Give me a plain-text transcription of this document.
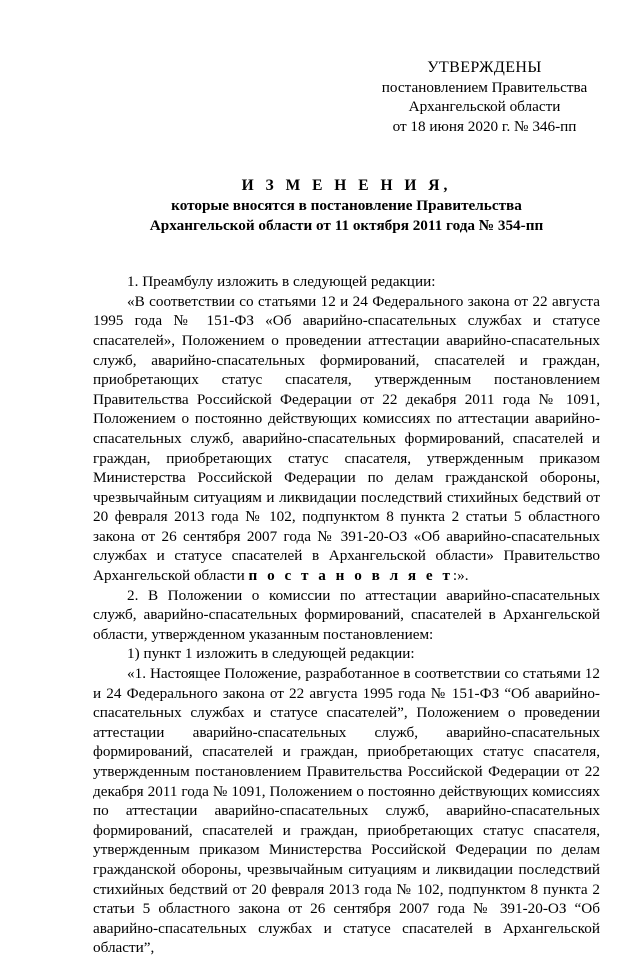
УТВЕРЖДЕНЫ
постановлением Правительства
Архангельской области
от 18 июня 2020 г. № 346-пп
И З М Е Н Е Н И Я,
которые вносятся в постановление Правительства
Архангельской области от 11 октября 2011 года № 354-пп
1. Преамбулу изложить в следующей редакции:
«В соответствии со статьями 12 и 24 Федерального закона от 22 августа 1995 года № 151-ФЗ «Об аварийно-спасательных службах и статусе спасателей», Положением о проведении аттестации аварийно-спасательных служб, аварийно-спасательных формирований, спасателей и граждан, приобретающих статус спасателя, утвержденным постановлением Правительства Российской Федерации от 22 декабря 2011 года № 1091, Положением о постоянно действующих комиссиях по аттестации аварийно-спасательных служб, аварийно-спасательных формирований, спасателей и граждан, приобретающих статус спасателя, утвержденным приказом Министерства Российской Федерации по делам гражданской обороны, чрезвычайным ситуациям и ликвидации последствий стихийных бедствий от 20 февраля 2013 года № 102, подпунктом 8 пункта 2 статьи 5 областного закона от 26 сентября 2007 года № 391-20-ОЗ «Об аварийно-спасательных службах и статусе спасателей в Архангельской области» Правительство Архангельской области п о с т а н о в л я е т:».
2. В Положении о комиссии по аттестации аварийно-спасательных служб, аварийно-спасательных формирований, спасателей в Архангельской области, утвержденном указанным постановлением:
1) пункт 1 изложить в следующей редакции:
«1. Настоящее Положение, разработанное в соответствии со статьями 12 и 24 Федерального закона от 22 августа 1995 года № 151-ФЗ “Об аварийно-спасательных службах и статусе спасателей”, Положением о проведении аттестации аварийно-спасательных служб, аварийно-спасательных формирований, спасателей и граждан, приобретающих статус спасателя, утвержденным постановлением Правительства Российской Федерации от 22 декабря 2011 года № 1091, Положением о постоянно действующих комиссиях по аттестации аварийно-спасательных служб, аварийно-спасательных формирований, спасателей и граждан, приобретающих статус спасателя, утвержденным приказом Министерства Российской Федерации по делам гражданской обороны, чрезвычайным ситуациям и ликвидации последствий стихийных бедствий от 20 февраля 2013 года № 102, подпунктом 8 пункта 2 статьи 5 областного закона от 26 сентября 2007 года № 391-20-ОЗ “Об аварийно-спасательных службах и статусе спасателей в Архангельской области”,
